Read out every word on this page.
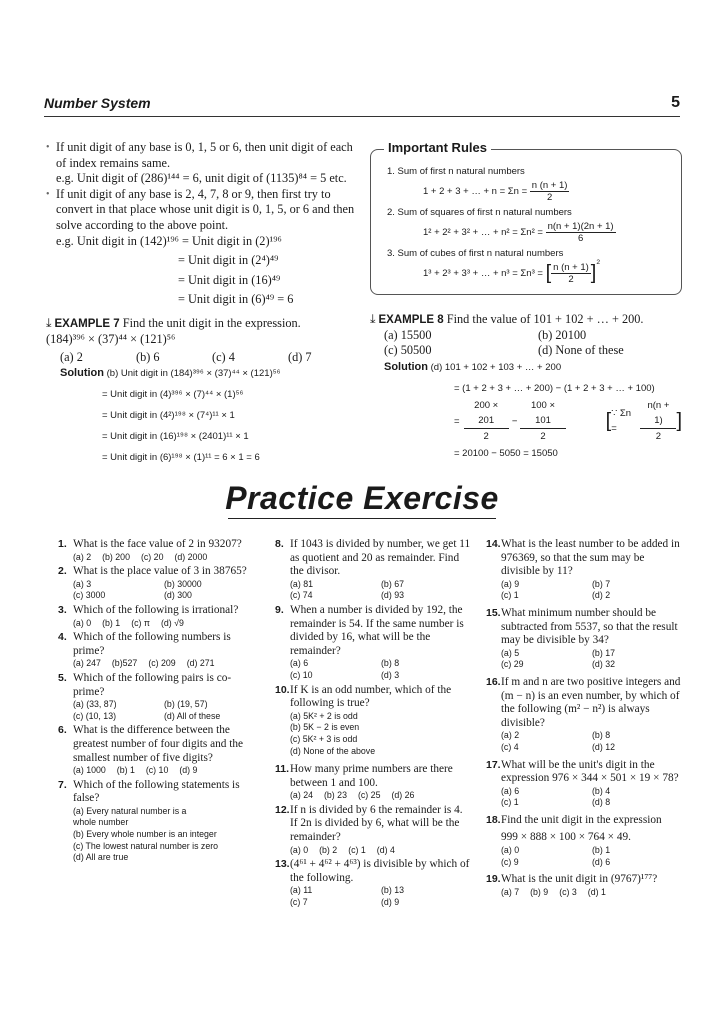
Number System	5
• If unit digit of any base is 0, 1, 5 or 6, then unit digit of each of index remains same.
e.g. Unit digit of (286)¹⁴⁴ = 6, unit digit of (1135)⁸⁴ = 5 etc.
• If unit digit of any base is 2, 4, 7, 8 or 9, then first try to convert in that place whose unit digit is 0, 1, 5, or 6 and then solve according to the above point.
e.g. Unit digit in (142)¹⁹⁶ = Unit digit in (2)¹⁹⁶
= Unit digit in (2⁴)⁴⁹
= Unit digit in (16)⁴⁹
= Unit digit in (6)⁴⁹ = 6
1. Sum of first n natural numbers
1 + 2 + 3 + … + $n = \Sigma n = \frac{n (n + 1)}{2}$
2. Sum of squares of first n natural numbers
1² + 2² + 3² + … + $n^2 = \Sigma n^2 = \frac{n(n + 1)(2n + 1)}{6}$
3. Sum of cubes of first n natural numbers
1³ + 2³ + 3³ + … + n³ = Σn³ = [ $\frac{n (n + 1)}{2} ]^2$
Important Rules
⤓ EXAMPLE 7 Find the unit digit in the expression.
(184)³⁹⁶ × (37)⁴⁴ × (121)⁵⁶
(a) 2	(b) 6	(c) 4	(d) 7
Solution (b) Unit digit in (184)³⁹⁶ × (37)⁴⁴ × (121)⁵⁶
= Unit digit in (4)³⁹⁶ × (7)⁴⁴ × (1)⁵⁶
= Unit digit in (4²)¹⁹⁸ × (7⁴)¹¹ × 1
= Unit digit in (16)¹⁹⁸ × (2401)¹¹ × 1
= Unit digit in (6)¹⁹⁸ × (1)¹¹ = 6 × 1 = 6
⤓ EXAMPLE 8 Find the value of 101 + 102 + … + 200.
(a) 15500	(b) 20100
(c) 50500	(d) None of these
Solution (d) 101 + 102 + 103 + … + 200
= (1 + 2 + 3 + … + 200) − (1 + 2 + 3 + … + 100)
= $\frac{200 \times 201}{2} - \frac{100 \times 101}{2}$ [ ∵ Σn =	$\frac{n(n + 1)}{2}$ ]
= 20100 − 5050 = 15050
Practice Exercise
1. What is the face value of 2 in 93207?
(a) 2 (b) 200 (c) 20 (d) 2000
2. What is the place value of 3 in 38765?
(a) 3	(b) 30000
(c) 3000	(d) 300
3. Which of the following is irrational?
(a) 0 (b) 1 (c) π (d) √9
4. Which of the following numbers is prime?
(a) 247 (b)527 (c) 209 (d) 271
5. Which of the following pairs is co-prime?
(a) (33, 87)	(b) (19, 57)
(c) (10, 13)	(d) All of these
6. What is the difference between the greatest number of four digits and the smallest number of five digits?
(a) 1000 (b) 1 (c) 10 (d) 9
7. Which of the following statements is false?
(a) Every natural number is a whole number
(b) Every whole number is an integer
(c) The lowest natural number is zero
(d) All are true
8. If 1043 is divided by number, we get 11 as quotient and 20 as remainder. Find the divisor.
(a) 81	(b) 67
(c) 74	(d) 93
9. When a number is divided by 192, the remainder is 54. If the same number is divided by 16, what will be the remainder?
(a) 6	(b) 8
(c) 10	(d) 3
10. If K is an odd number, which of the following is true?
(a) 5K² + 2 is odd
(b) 5K − 2 is even
(c) 5K² + 3 is odd
(d) None of the above
11. How many prime numbers are there between 1 and 100.
(a) 24 (b) 23 (c) 25 (d) 26
12. If n is divided by 6 the remainder is 4. If 2n is divided by 6, what will be the remainder?
(a) 0 (b) 2 (c) 1 (d) 4
13. (4⁶¹ + 4⁶² + 4⁶³) is divisible by which of the following.
(a) 11	(b) 13
(c) 7	(d) 9
14. What is the least number to be added in 976369, so that the sum may be divisible by 11?
(a) 9	(b) 7
(c) 1	(d) 2
15. What minimum number should be subtracted from 5537, so that the result may be divisible by 34?
(a) 5	(b) 17
(c) 29	(d) 32
16. If m and n are two positive integers and (m − n) is an even number, by which of the following (m² − n²) is always divisible?
(a) 2	(b) 8
(c) 4	(d) 12
17. What will be the unit's digit in the expression 976 × 344 × 501 × 19 × 78?
(a) 6	(b) 4
(c) 1	(d) 8
18. Find the unit digit in the expression
999 × 888 × 100 × 764 × 49.
(a) 0	(b) 1
(c) 9	(d) 6
19. What is the unit digit in (9767)¹⁷⁷?
(a) 7 (b) 9 (c) 3 (d) 1
